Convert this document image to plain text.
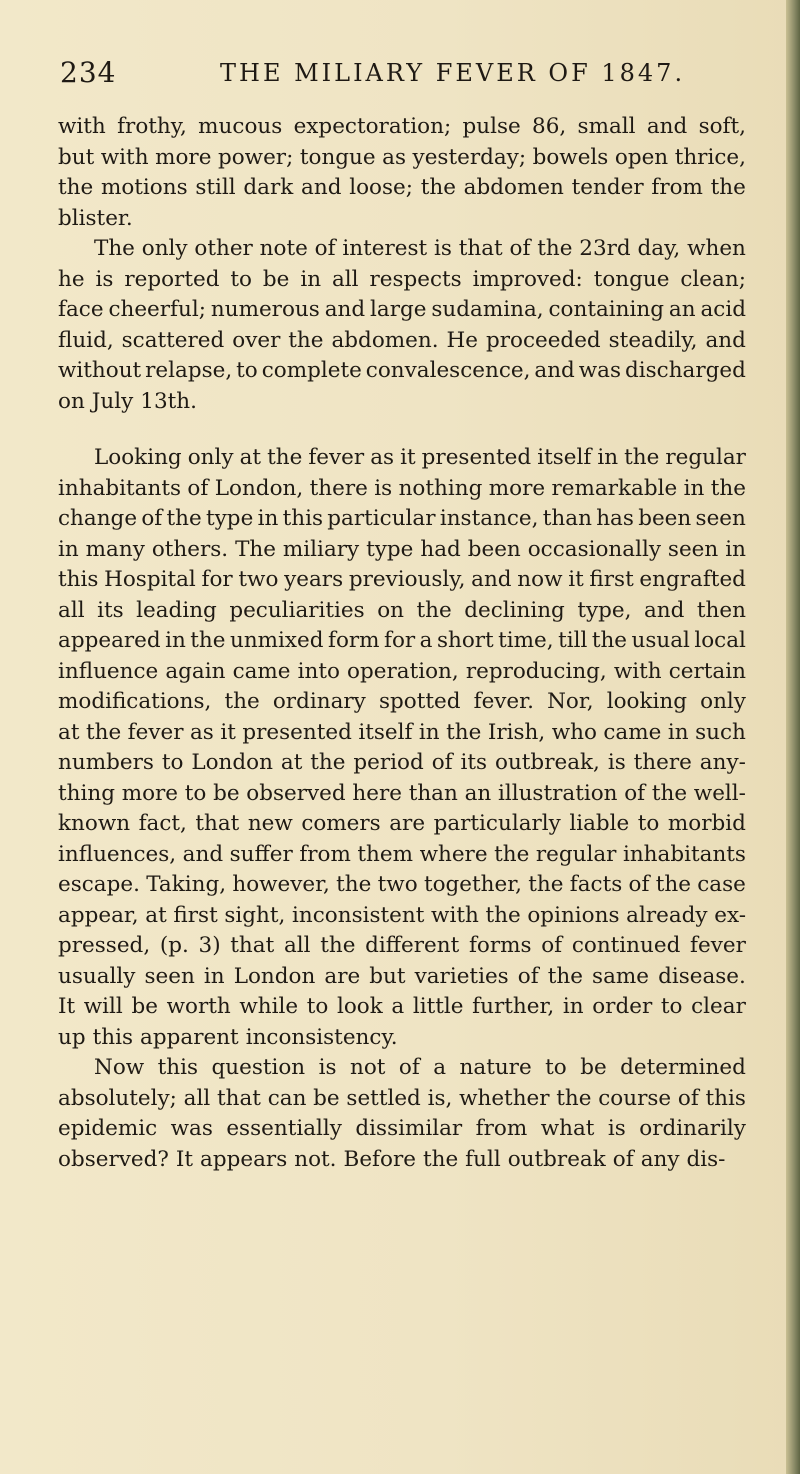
234	THE MILIARY FEVER OF 1847.
with frothy, mucous expectoration; pulse 86, small and soft,
but with more power; tongue as yesterday; bowels open thrice,
the motions still dark and loose; the abdomen tender from the
blister.
The only other note of interest is that of the 23rd day, when
he is reported to be in all respects improved: tongue clean;
face cheerful; numerous and large sudamina, containing an acid
fluid, scattered over the abdomen. He proceeded steadily, and
without relapse, to complete convalescence, and was discharged
on July 13th.
Looking only at the fever as it presented itself in the regular
inhabitants of London, there is nothing more remarkable in the
change of the type in this particular instance, than has been seen
in many others. The miliary type had been occasionally seen in
this Hospital for two years previously, and now it first engrafted
all its leading peculiarities on the declining type, and then
appeared in the unmixed form for a short time, till the usual local
influence again came into operation, reproducing, with certain
modifications, the ordinary spotted fever. Nor, looking only
at the fever as it presented itself in the Irish, who came in such
numbers to London at the period of its outbreak, is there any-
thing more to be observed here than an illustration of the well-
known fact, that new comers are particularly liable to morbid
influences, and suffer from them where the regular inhabitants
escape. Taking, however, the two together, the facts of the case
appear, at first sight, inconsistent with the opinions already ex-
pressed, (p. 3) that all the different forms of continued fever
usually seen in London are but varieties of the same disease.
It will be worth while to look a little further, in order to clear
up this apparent inconsistency.
Now this question is not of a nature to be determined
absolutely; all that can be settled is, whether the course of this
epidemic was essentially dissimilar from what is ordinarily
observed? It appears not. Before the full outbreak of any dis-
